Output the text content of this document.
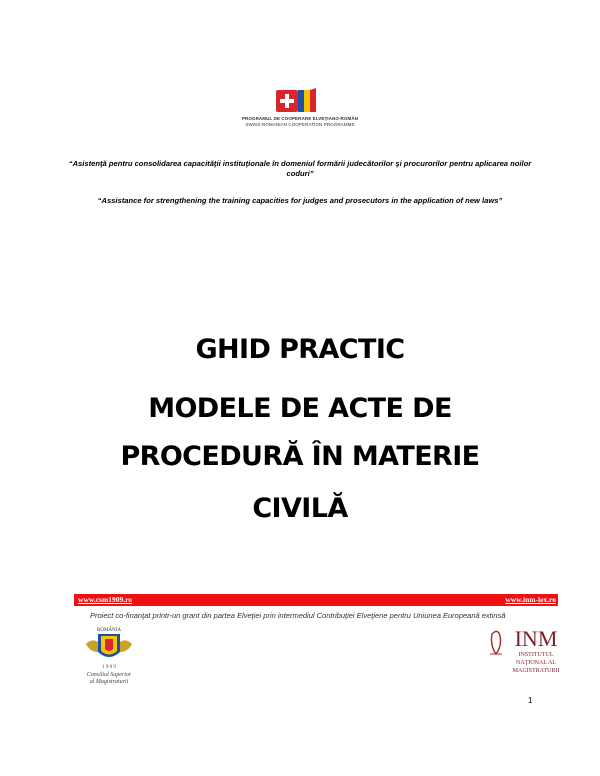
PROGRAMUL DE COOPERARE ELVEŢIANO-ROMÂN
SWISS-ROMANIAN COOPERATION PROGRAMME
“Asistenţă pentru consolidarea capacităţii instituţionale în domeniul formării judecătorilor şi procurorilor pentru aplicarea noilor coduri”
“Assistance for strengthening the training capacities for judges and prosecutors in the application of new laws”
GHID PRACTIC
MODELE DE ACTE DE
PROCEDURĂ ÎN MATERIE
CIVILĂ
www.csm1909.ro	www.inm-lex.ro
Proiect co-finanţat printr-un grant din partea Elveţiei prin intermediul Contribuţiei Elveţiene pentru Uniunea Europeană extinsă
ROMÂNIA
1 9 0 9
Consiliul Superior
al Magistraturii
INM
INSTITUTUL
NAŢIONAL AL
MAGISTRATURII
1
